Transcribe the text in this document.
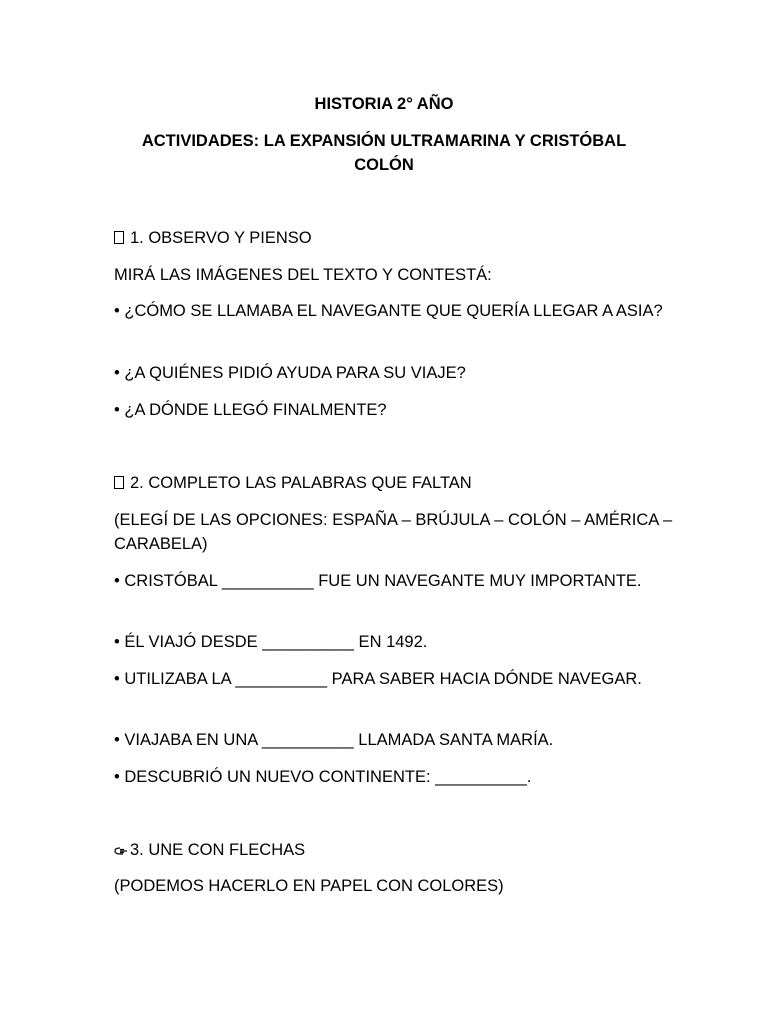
HISTORIA 2° AÑO

ACTIVIDADES: LA EXPANSIÓN ULTRAMARINA Y CRISTÓBAL COLÓN

1. OBSERVO Y PIENSO

MIRÁ LAS IMÁGENES DEL TEXTO Y CONTESTÁ:

• ¿CÓMO SE LLAMABA EL NAVEGANTE QUE QUERÍA LLEGAR A ASIA?

• ¿A QUIÉNES PIDIÓ AYUDA PARA SU VIAJE?

• ¿A DÓNDE LLEGÓ FINALMENTE?

2. COMPLETO LAS PALABRAS QUE FALTAN

(ELEGÍ DE LAS OPCIONES: ESPAÑA – BRÚJULA – COLÓN – AMÉRICA – CARABELA)

• CRISTÓBAL __________ FUE UN NAVEGANTE MUY IMPORTANTE.

• ÉL VIAJÓ DESDE __________ EN 1492.

• UTILIZABA LA __________ PARA SABER HACIA DÓNDE NAVEGAR.

• VIAJABA EN UNA __________ LLAMADA SANTA MARÍA.

• DESCUBRIÓ UN NUEVO CONTINENTE: __________.

3. UNE CON FLECHAS

(PODEMOS HACERLO EN PAPEL CON COLORES)
